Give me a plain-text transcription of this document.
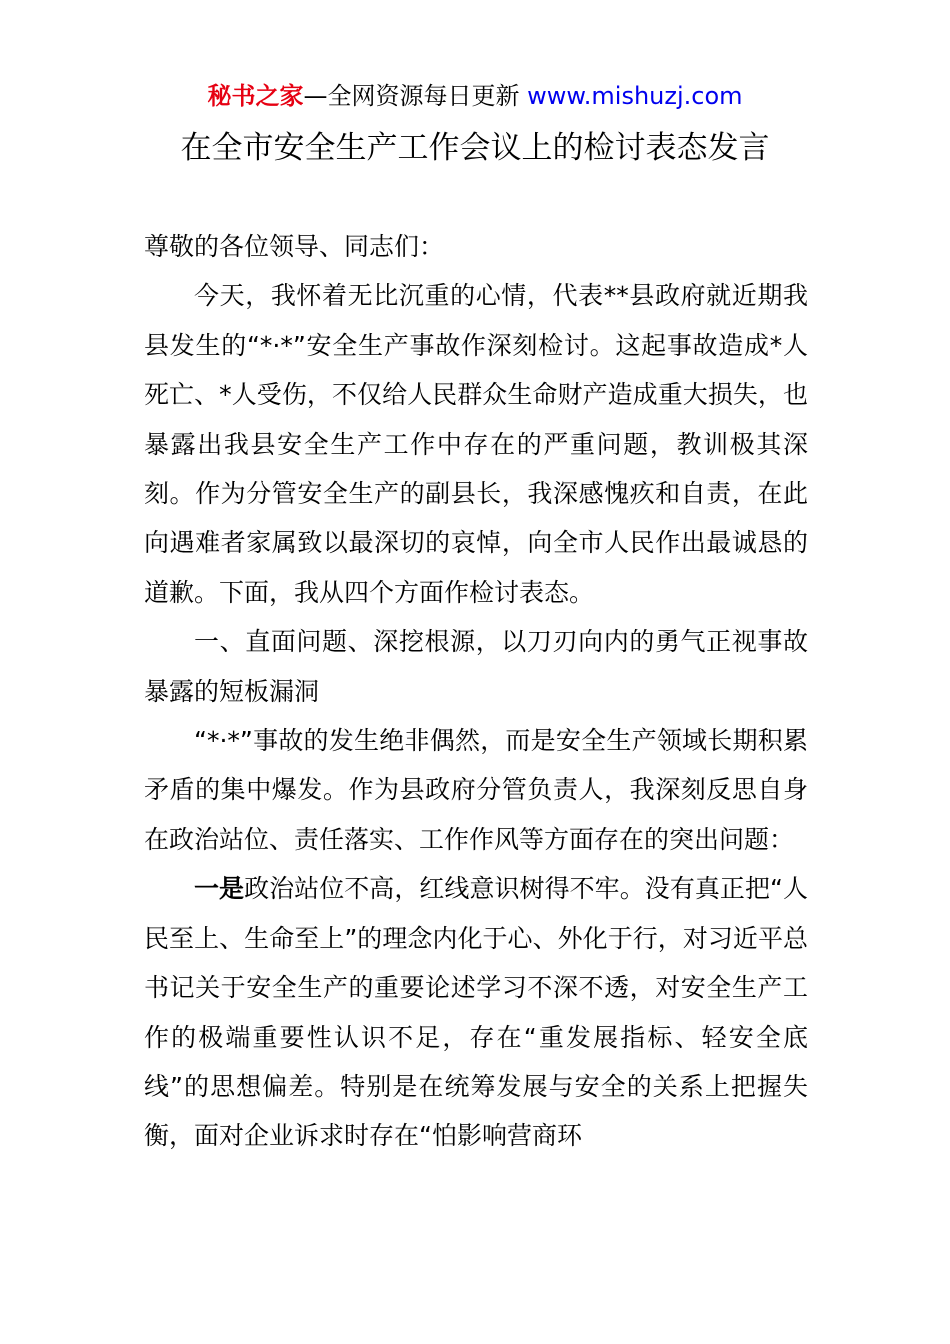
秘书之家—全网资源每日更新 www.mishuzj.com
在全市安全生产工作会议上的检讨表态发言

尊敬的各位领导、同志们：

今天，我怀着无比沉重的心情，代表**县政府就近期我县发生的“*·*”安全生产事故作深刻检讨。这起事故造成*人死亡、*人受伤，不仅给人民群众生命财产造成重大损失，也暴露出我县安全生产工作中存在的严重问题，教训极其深刻。作为分管安全生产的副县长，我深感愧疚和自责，在此向遇难者家属致以最深切的哀悼，向全市人民作出最诚恳的道歉。下面，我从四个方面作检讨表态。

一、直面问题、深挖根源，以刀刃向内的勇气正视事故暴露的短板漏洞

“*·*”事故的发生绝非偶然，而是安全生产领域长期积累矛盾的集中爆发。作为县政府分管负责人，我深刻反思自身在政治站位、责任落实、工作作风等方面存在的突出问题：

一是政治站位不高，红线意识树得不牢。没有真正把“人民至上、生命至上”的理念内化于心、外化于行，对习近平总书记关于安全生产的重要论述学习不深不透，对安全生产工作的极端重要性认识不足，存在“重发展指标、轻安全底线”的思想偏差。特别是在统筹发展与安全的关系上把握失衡，面对企业诉求时存在“怕影响营商环
